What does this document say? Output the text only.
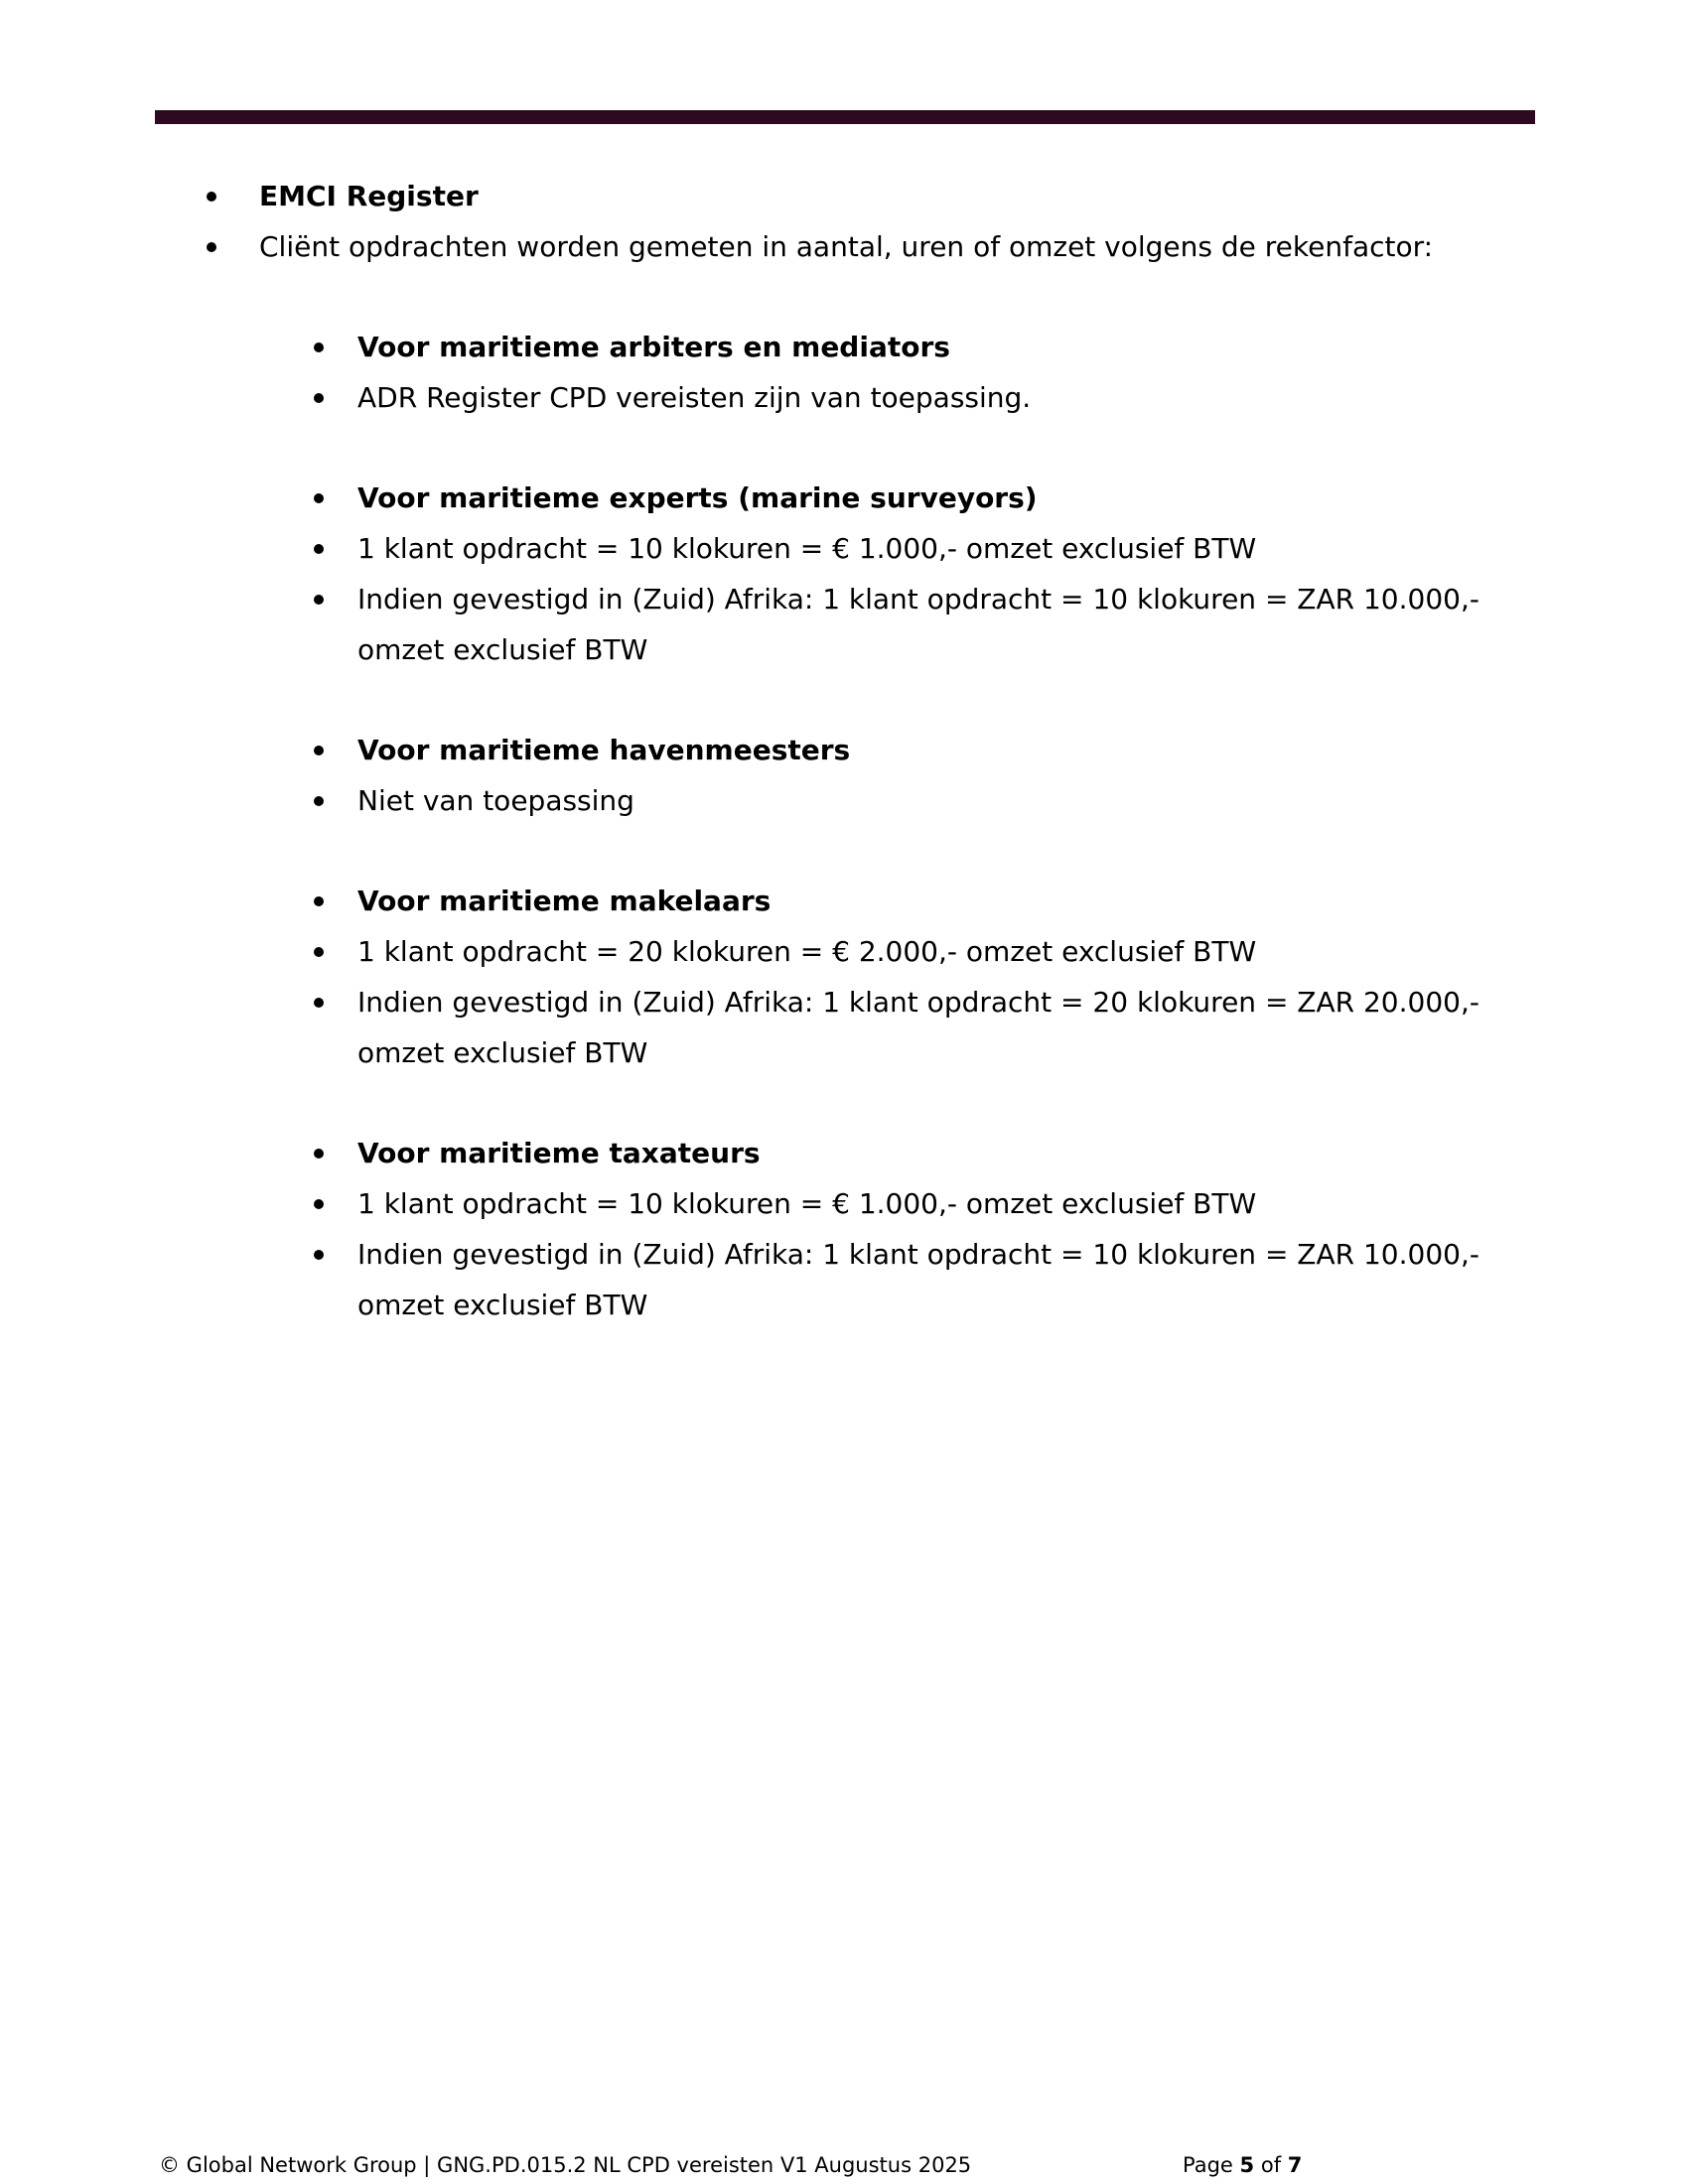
EMCI Register
Cliënt opdrachten worden gemeten in aantal, uren of omzet volgens de rekenfactor:
Voor maritieme arbiters en mediators
ADR Register CPD vereisten zijn van toepassing.
Voor maritieme experts (marine surveyors)
1 klant opdracht = 10 klokuren = € 1.000,- omzet exclusief BTW
Indien gevestigd in (Zuid) Afrika: 1 klant opdracht = 10 klokuren = ZAR 10.000,- omzet exclusief BTW
Voor maritieme havenmeesters
Niet van toepassing
Voor maritieme makelaars
1 klant opdracht = 20 klokuren = € 2.000,- omzet exclusief BTW
Indien gevestigd in (Zuid) Afrika: 1 klant opdracht = 20 klokuren = ZAR 20.000,- omzet exclusief BTW
Voor maritieme taxateurs
1 klant opdracht = 10 klokuren = € 1.000,- omzet exclusief BTW
Indien gevestigd in (Zuid) Afrika: 1 klant opdracht = 10 klokuren = ZAR 10.000,- omzet exclusief BTW
© Global Network Group | GNG.PD.015.2 NL CPD vereisten V1 Augustus 2025	Page 5 of 7
